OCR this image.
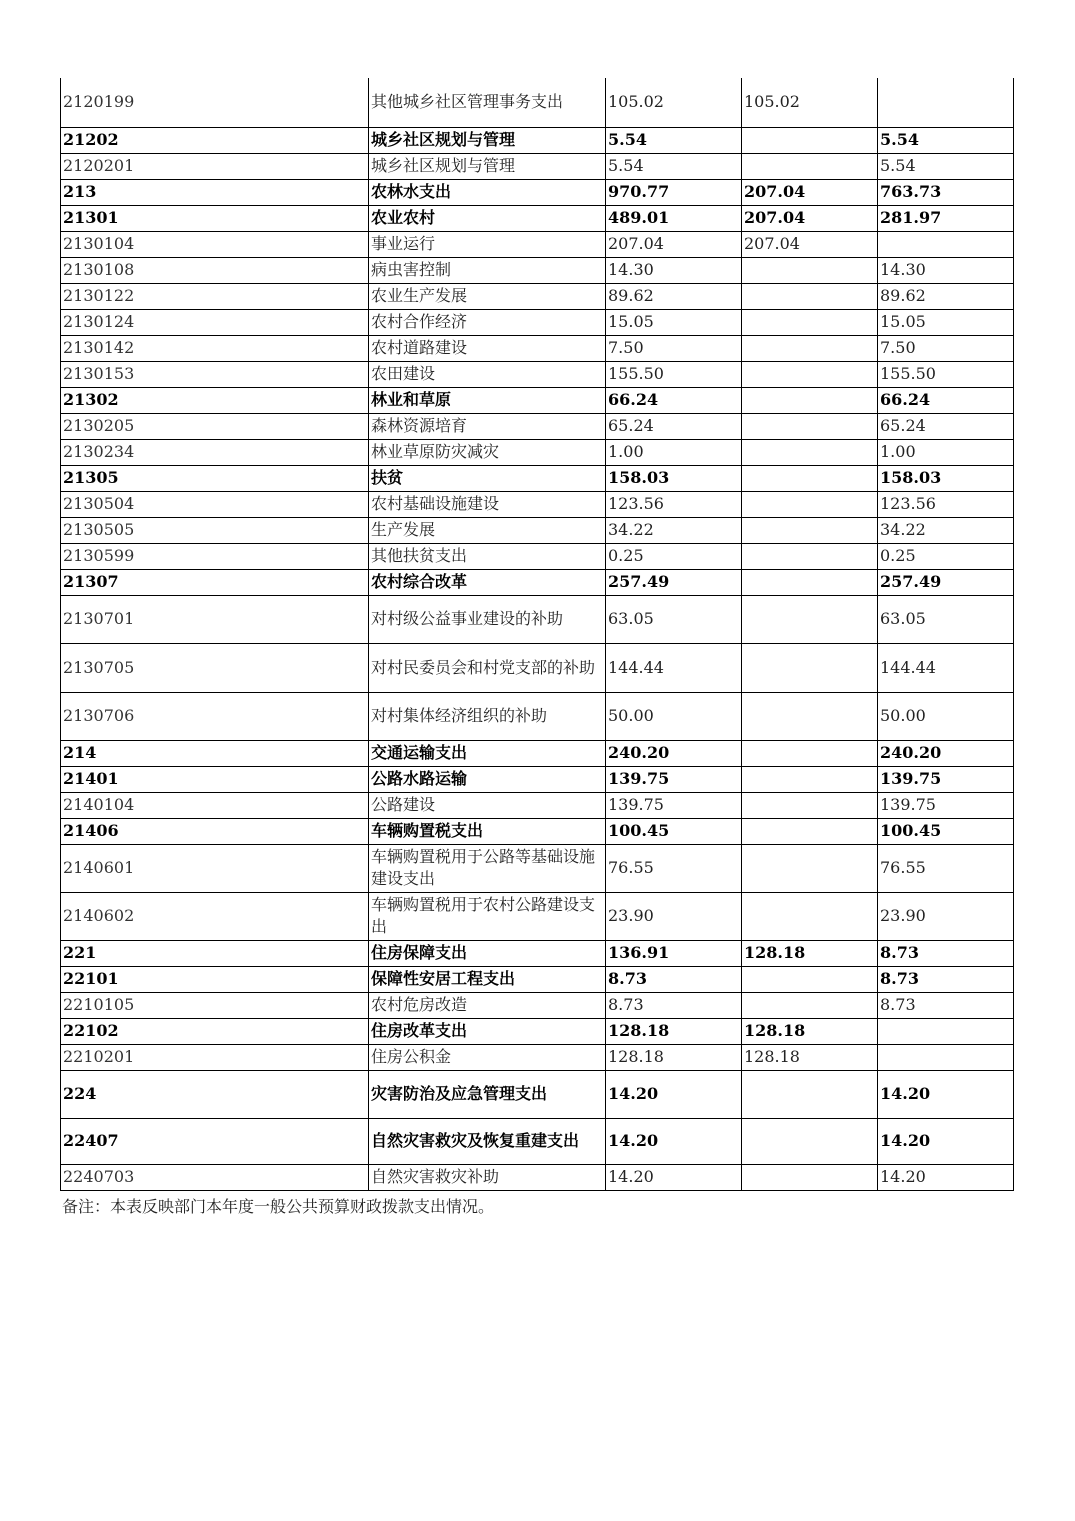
2120199	其他城乡社区管理事务支出	105.02	105.02	
21202	城乡社区规划与管理	5.54		5.54
2120201	城乡社区规划与管理	5.54		5.54
213	农林水支出	970.77	207.04	763.73
21301	农业农村	489.01	207.04	281.97
2130104	事业运行	207.04	207.04	
2130108	病虫害控制	14.30		14.30
2130122	农业生产发展	89.62		89.62
2130124	农村合作经济	15.05		15.05
2130142	农村道路建设	7.50		7.50
2130153	农田建设	155.50		155.50
21302	林业和草原	66.24		66.24
2130205	森林资源培育	65.24		65.24
2130234	林业草原防灾减灾	1.00		1.00
21305	扶贫	158.03		158.03
2130504	农村基础设施建设	123.56		123.56
2130505	生产发展	34.22		34.22
2130599	其他扶贫支出	0.25		0.25
21307	农村综合改革	257.49		257.49
2130701	对村级公益事业建设的补助	63.05		63.05
2130705	对村民委员会和村党支部的补助	144.44		144.44
2130706	对村集体经济组织的补助	50.00		50.00
214	交通运输支出	240.20		240.20
21401	公路水路运输	139.75		139.75
2140104	公路建设	139.75		139.75
21406	车辆购置税支出	100.45		100.45
2140601	车辆购置税用于公路等基础设施建设支出	76.55		76.55
2140602	车辆购置税用于农村公路建设支出	23.90		23.90
221	住房保障支出	136.91	128.18	8.73
22101	保障性安居工程支出	8.73		8.73
2210105	农村危房改造	8.73		8.73
22102	住房改革支出	128.18	128.18	
2210201	住房公积金	128.18	128.18	
224	灾害防治及应急管理支出	14.20		14.20
22407	自然灾害救灾及恢复重建支出	14.20		14.20
2240703	自然灾害救灾补助	14.20		14.20
备注：本表反映部门本年度一般公共预算财政拨款支出情况。
